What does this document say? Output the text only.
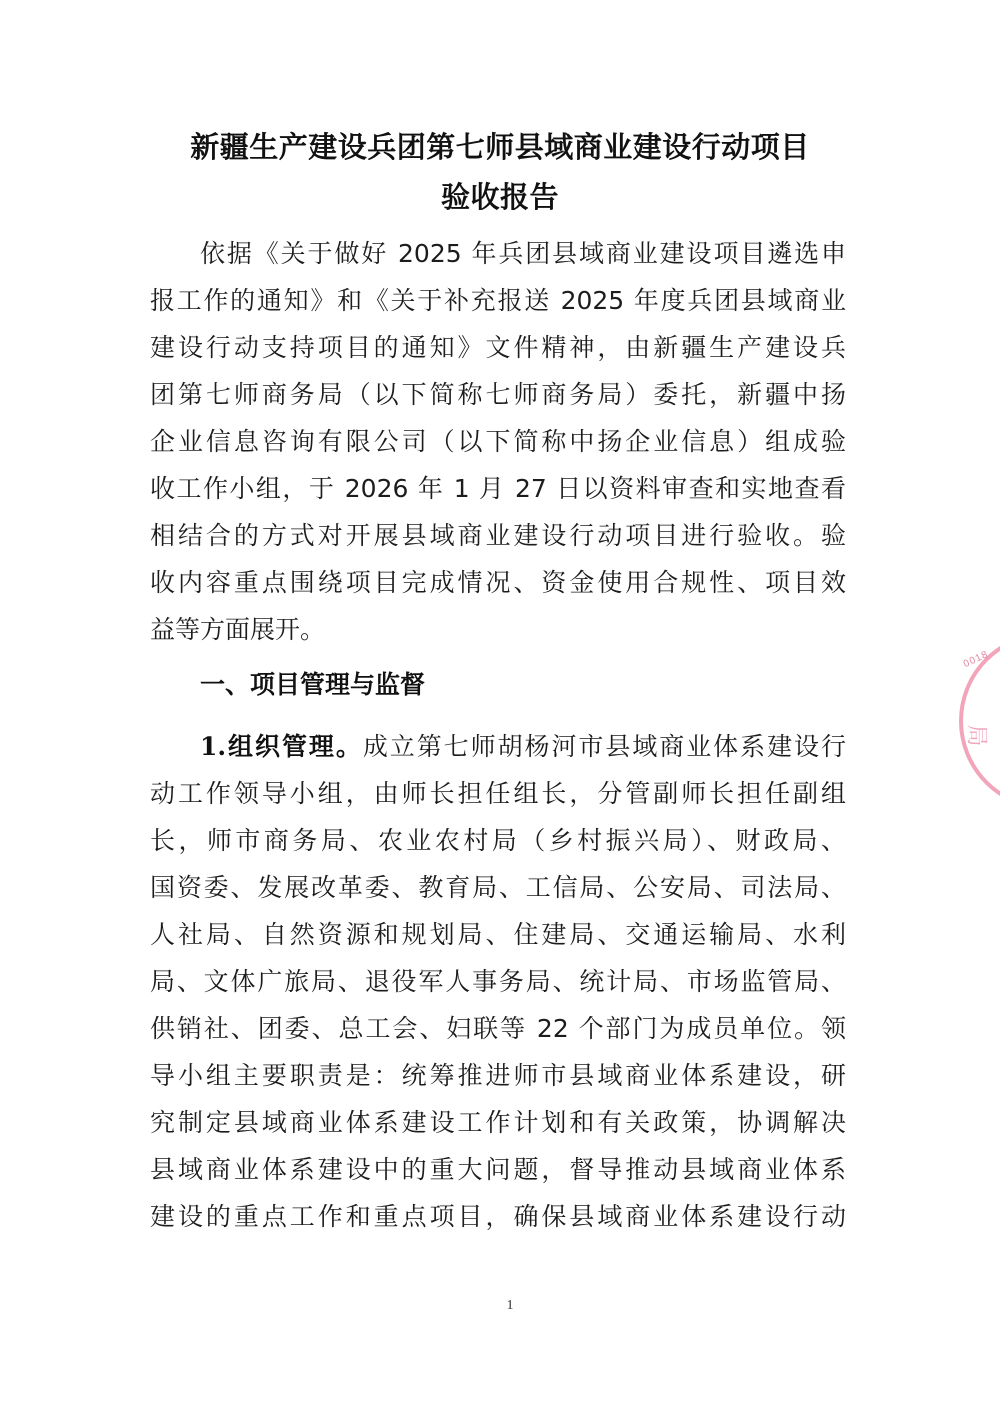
新疆生产建设兵团第七师县域商业建设行动项目
验收报告
依据《关于做好 2025 年兵团县域商业建设项目遴选申
报工作的通知》和《关于补充报送 2025 年度兵团县域商业
建设行动支持项目的通知》文件精神，由新疆生产建设兵
团第七师商务局（以下简称七师商务局）委托，新疆中扬
企业信息咨询有限公司（以下简称中扬企业信息）组成验
收工作小组，于 2026 年 1 月 27 日以资料审查和实地查看
相结合的方式对开展县域商业建设行动项目进行验收。验
收内容重点围绕项目完成情况、资金使用合规性、项目效
益等方面展开。
一、项目管理与监督
1.组织管理。成立第七师胡杨河市县域商业体系建设行
动工作领导小组，由师长担任组长，分管副师长担任副组
长，师市商务局、农业农村局（乡村振兴局）、财政局、
国资委、发展改革委、教育局、工信局、公安局、司法局、
人社局、自然资源和规划局、住建局、交通运输局、水利
局、文体广旅局、退役军人事务局、统计局、市场监管局、
供销社、团委、总工会、妇联等 22 个部门为成员单位。领
导小组主要职责是：统筹推进师市县域商业体系建设，研
究制定县域商业体系建设工作计划和有关政策，协调解决
县域商业体系建设中的重大问题，督导推动县域商业体系
建设的重点工作和重点项目，确保县域商业体系建设行动
1
0018
局
